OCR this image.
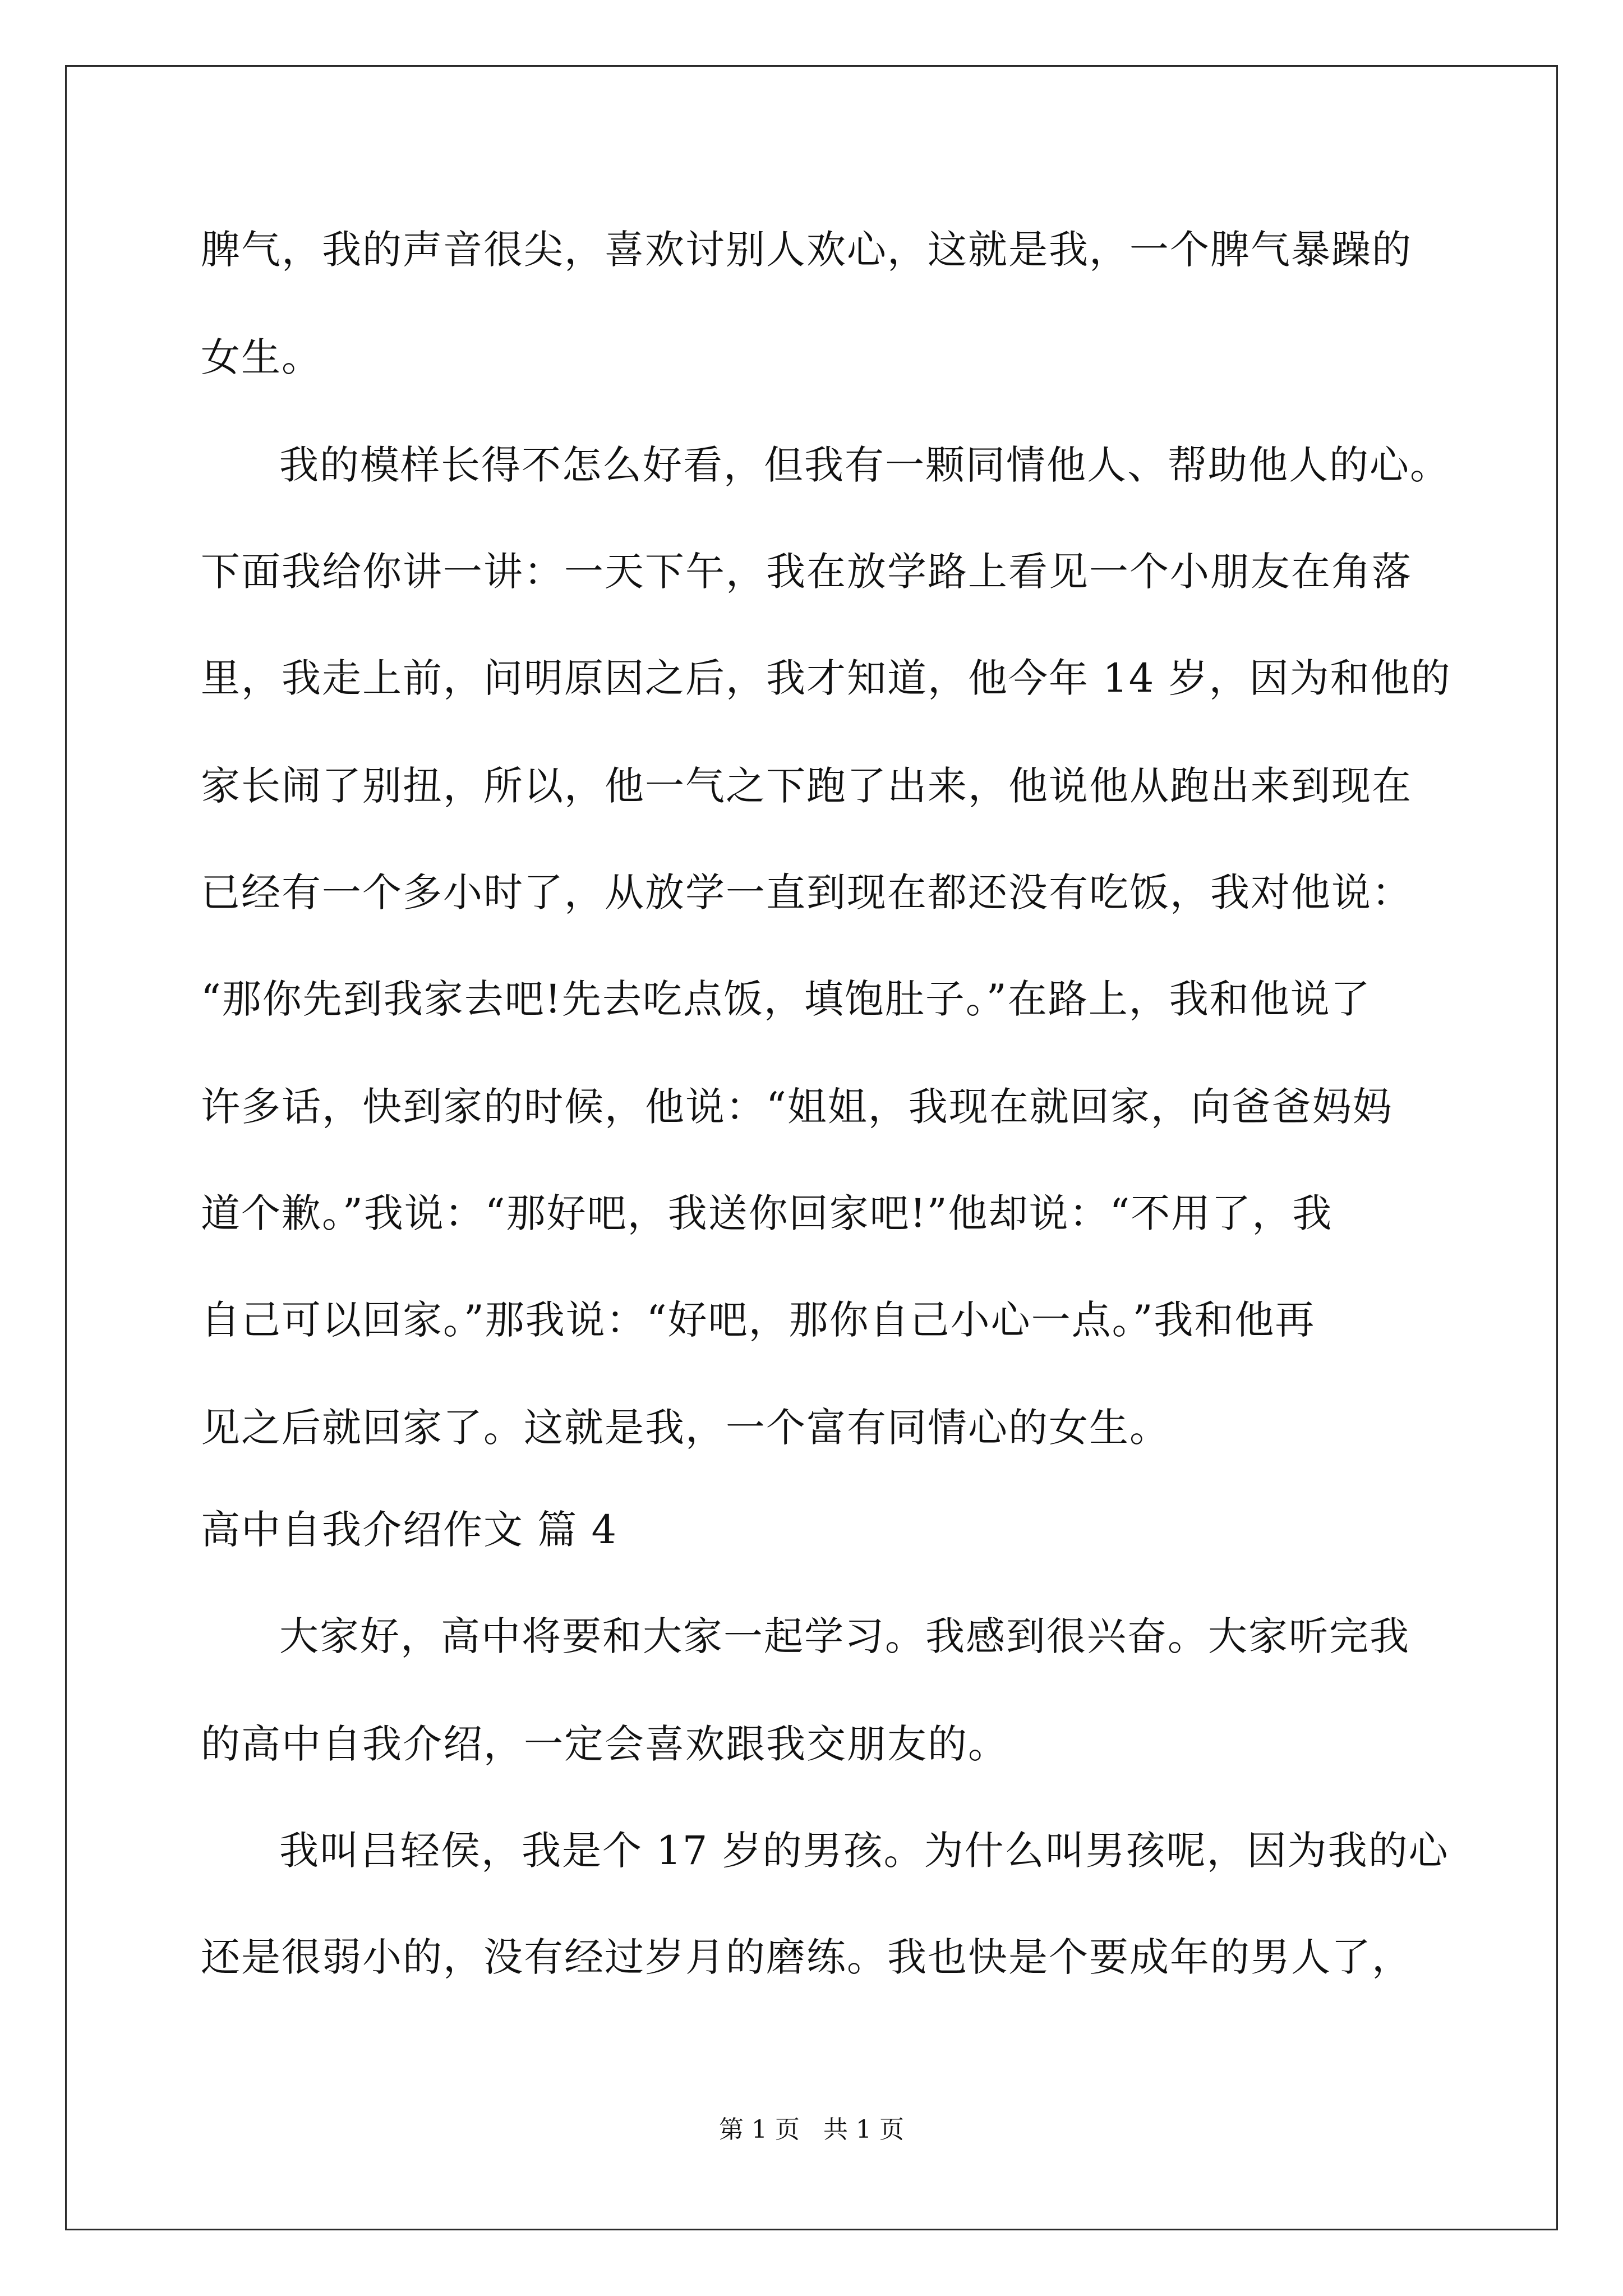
脾气，我的声音很尖，喜欢讨别人欢心，这就是我，一个脾气暴躁的
女生。
我的模样长得不怎么好看，但我有一颗同情他人、帮助他人的心。
下面我给你讲一讲：一天下午，我在放学路上看见一个小朋友在角落
里，我走上前，问明原因之后，我才知道，他今年 14 岁，因为和他的
家长闹了别扭，所以，他一气之下跑了出来，他说他从跑出来到现在
已经有一个多小时了，从放学一直到现在都还没有吃饭，我对他说：
“那你先到我家去吧!先去吃点饭，填饱肚子。”在路上，我和他说了
许多话，快到家的时候，他说：“姐姐，我现在就回家，向爸爸妈妈
道个歉。”我说：“那好吧，我送你回家吧!”他却说：“不用了，我
自己可以回家。”那我说：“好吧，那你自己小心一点。”我和他再
见之后就回家了。这就是我，一个富有同情心的女生。
高中自我介绍作文 篇 4
大家好，高中将要和大家一起学习。我感到很兴奋。大家听完我
的高中自我介绍，一定会喜欢跟我交朋友的。
我叫吕轻侯，我是个 17 岁的男孩。为什么叫男孩呢，因为我的心
还是很弱小的，没有经过岁月的磨练。我也快是个要成年的男人了，
第 1 页   共 1 页
